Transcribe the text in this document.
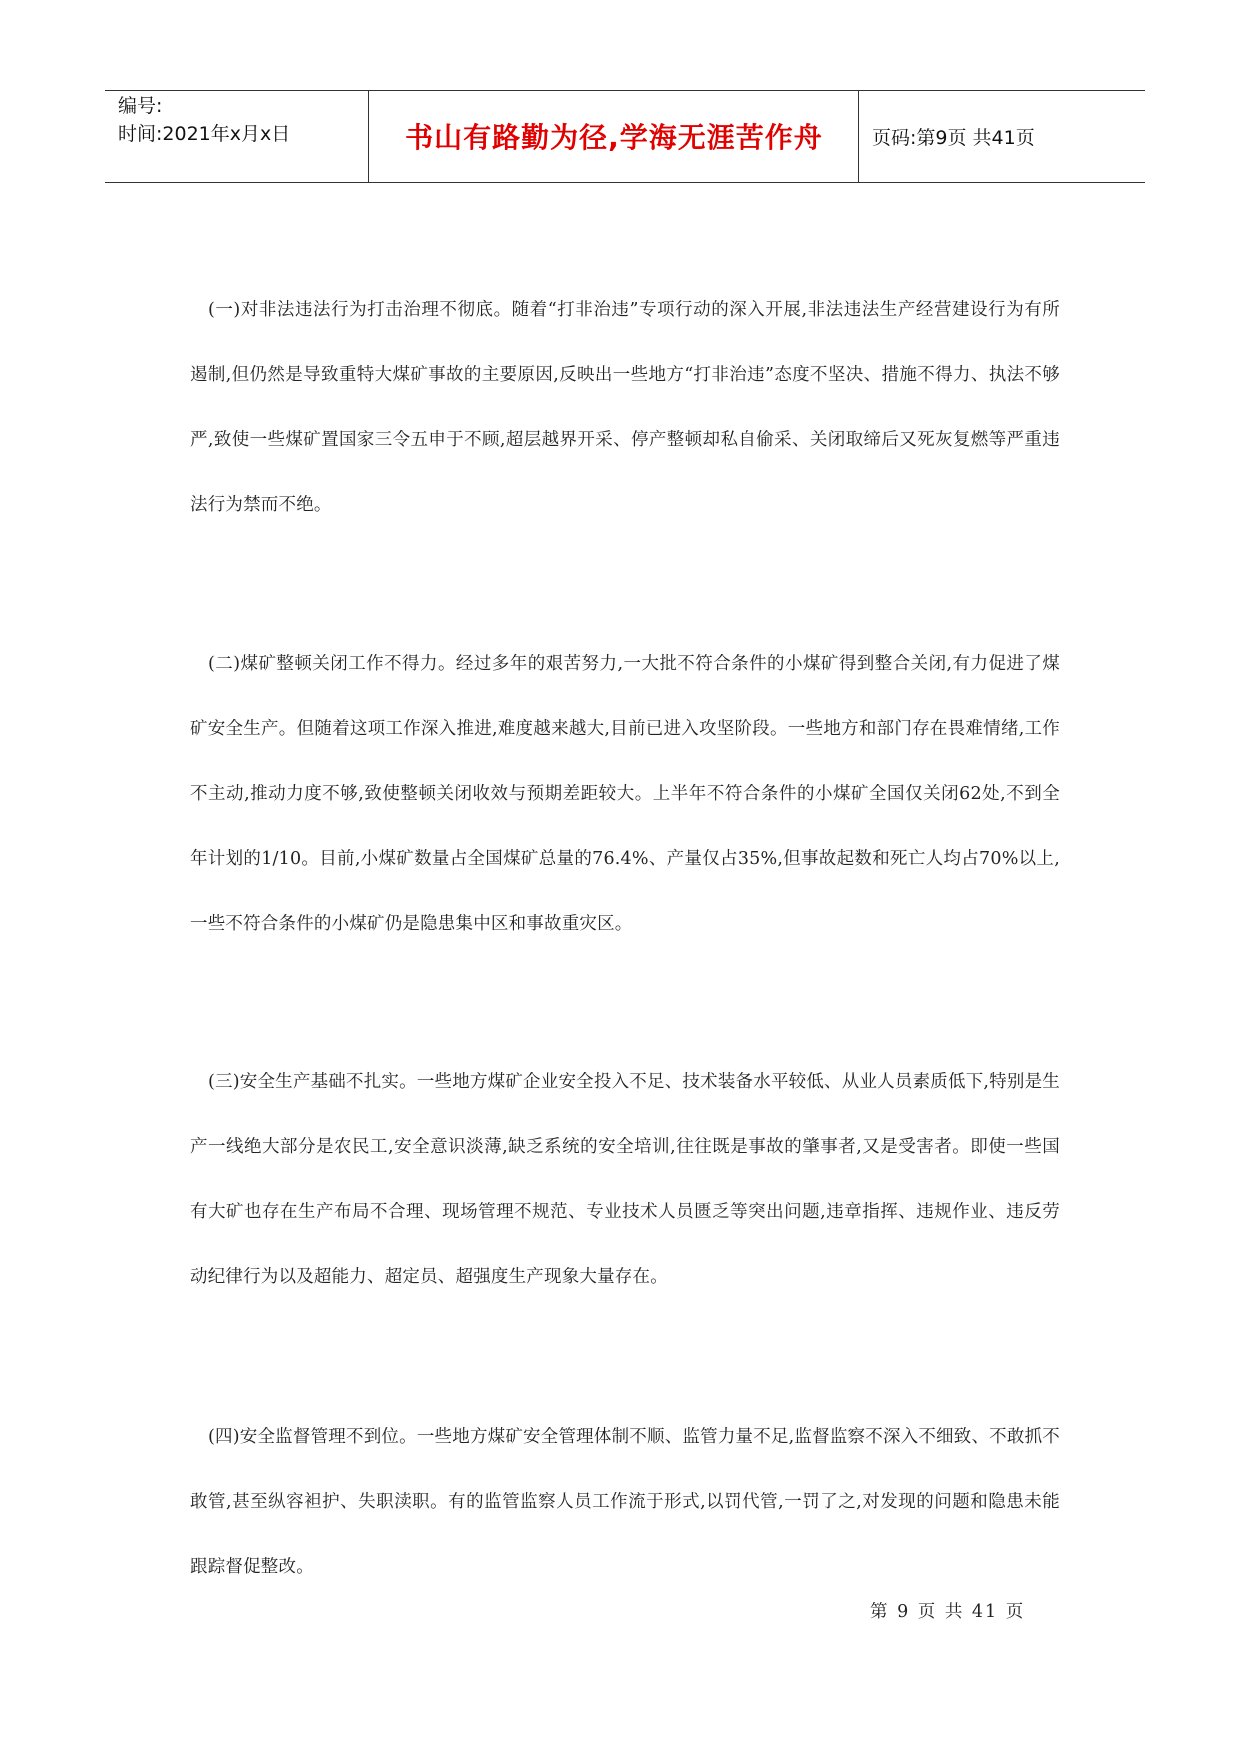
编号:
时间:2021年x月x日	书山有路勤为径,学海无涯苦作舟	页码:第9页 共41页
(一)对非法违法行为打击治理不彻底。随着“打非治违”专项行动的深入开展,非法违法生产经营建设行为有所遏制,但仍然是导致重特大煤矿事故的主要原因,反映出一些地方“打非治违”态度不坚决、措施不得力、执法不够严,致使一些煤矿置国家三令五申于不顾,超层越界开采、停产整顿却私自偷采、关闭取缔后又死灰复燃等严重违法行为禁而不绝。
(二)煤矿整顿关闭工作不得力。经过多年的艰苦努力,一大批不符合条件的小煤矿得到整合关闭,有力促进了煤矿安全生产。但随着这项工作深入推进,难度越来越大,目前已进入攻坚阶段。一些地方和部门存在畏难情绪,工作不主动,推动力度不够,致使整顿关闭收效与预期差距较大。上半年不符合条件的小煤矿全国仅关闭62处,不到全年计划的1/10。目前,小煤矿数量占全国煤矿总量的76.4%、产量仅占35%,但事故起数和死亡人均占70%以上,一些不符合条件的小煤矿仍是隐患集中区和事故重灾区。
(三)安全生产基础不扎实。一些地方煤矿企业安全投入不足、技术装备水平较低、从业人员素质低下,特别是生产一线绝大部分是农民工,安全意识淡薄,缺乏系统的安全培训,往往既是事故的肇事者,又是受害者。即使一些国有大矿也存在生产布局不合理、现场管理不规范、专业技术人员匮乏等突出问题,违章指挥、违规作业、违反劳动纪律行为以及超能力、超定员、超强度生产现象大量存在。
(四)安全监督管理不到位。一些地方煤矿安全管理体制不顺、监管力量不足,监督监察不深入不细致、不敢抓不敢管,甚至纵容袒护、失职渎职。有的监管监察人员工作流于形式,以罚代管,一罚了之,对发现的问题和隐患未能跟踪督促整改。
第 9 页 共 41 页
